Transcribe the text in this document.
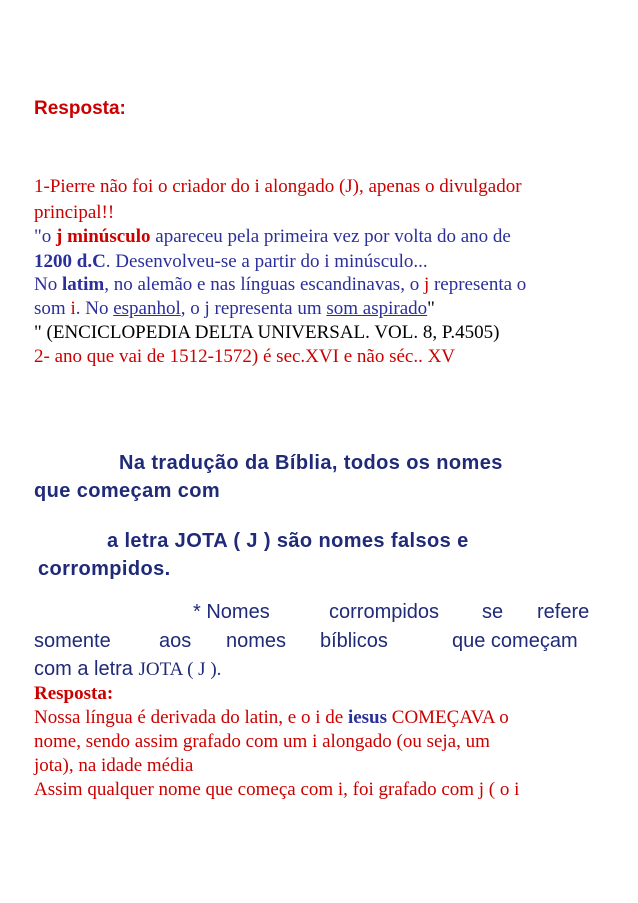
Resposta:
1-Pierre não foi o criador do i alongado (J), apenas o divulgador
principal!!
"o j minúsculo apareceu pela primeira vez por volta do ano de
1200 d.C. Desenvolveu-se a partir do i minúsculo...
No latim, no alemão e nas línguas escandinavas, o j representa o
som i. No espanhol, o j representa um som aspirado"
" (ENCICLOPEDIA DELTA UNIVERSAL. VOL. 8, P.4505)
2- ano que vai de 1512-1572) é sec.XVI e não séc.. XV
Na tradução da Bíblia, todos os nomes
que começam com
a letra JOTA ( J ) são nomes falsos e
corrompidos.
* Nomes	corrompidos se refere
somente aos nomes bíblicos	que começam
com a letra JOTA ( J ).
Resposta:
Nossa língua é derivada do latin, e o i de iesus COMEÇAVA o
nome, sendo assim grafado com um i alongado (ou seja, um
jota), na idade média
Assim qualquer nome que começa com i, foi grafado com j ( o i
